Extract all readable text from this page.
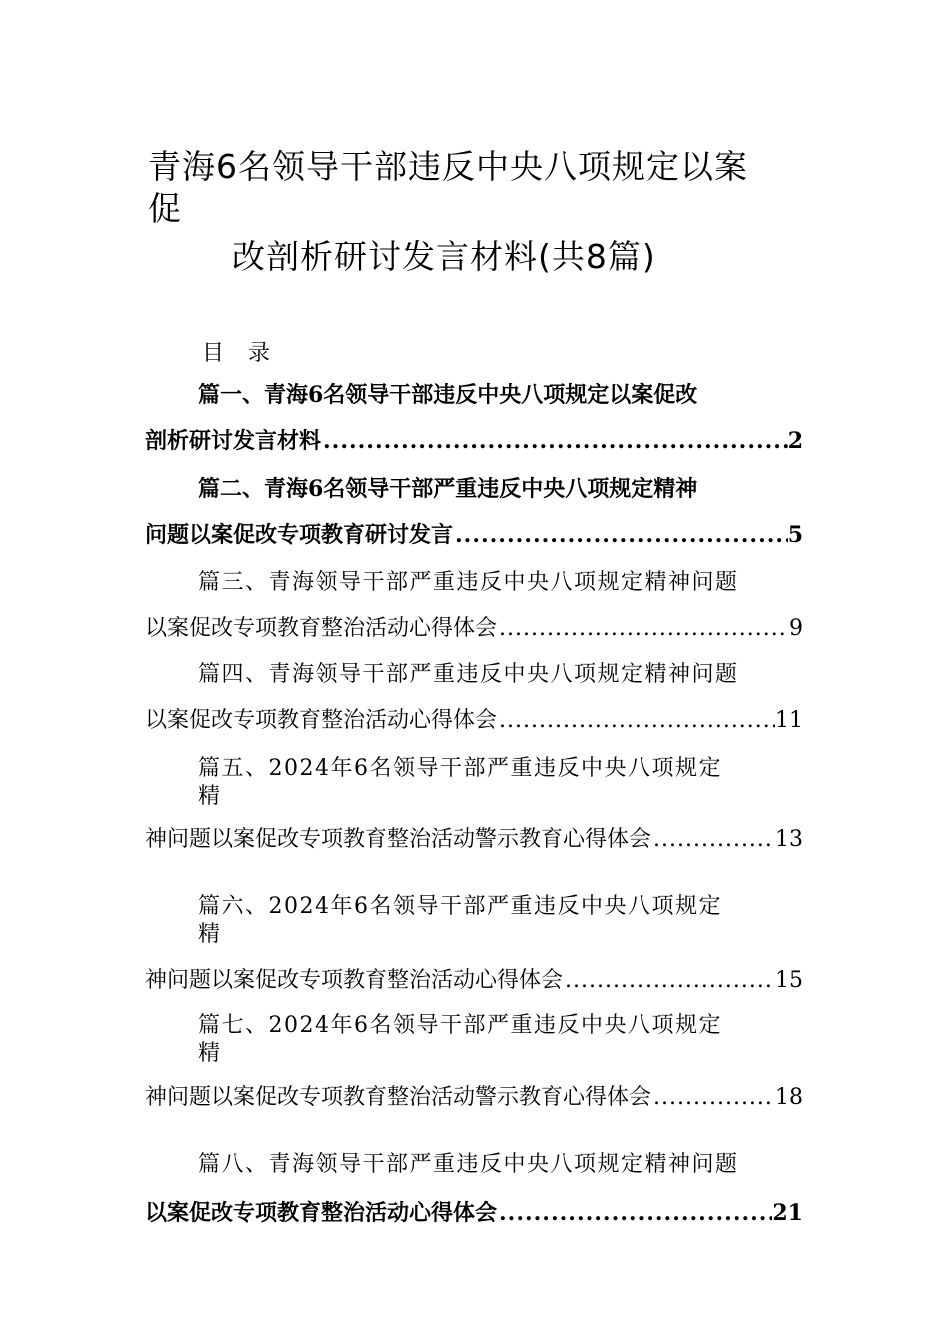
青海6名领导干部违反中央八项规定以案
促
改剖析研讨发言材料(共8篇)
目录
篇一、青海6名领导干部违反中央八项规定以案促改
剖析研讨发言材料 .....	2
篇二、青海6名领导干部严重违反中央八项规定精神
问题以案促改专项教育研讨发言 .....	5
篇三、青海领导干部严重违反中央八项规定精神问题
以案促改专项教育整治活动心得体会 .....	9
篇四、青海领导干部严重违反中央八项规定精神问题
以案促改专项教育整治活动心得体会 .....	11
篇五、2024年6名领导干部严重违反中央八项规定
精
神问题以案促改专项教育整治活动警示教育心得体会 .....	13
篇六、2024年6名领导干部严重违反中央八项规定
精
神问题以案促改专项教育整治活动心得体会 .....	15
篇七、2024年6名领导干部严重违反中央八项规定
精
神问题以案促改专项教育整治活动警示教育心得体会 .....	18
篇八、青海领导干部严重违反中央八项规定精神问题
以案促改专项教育整治活动心得体会 .....	21
